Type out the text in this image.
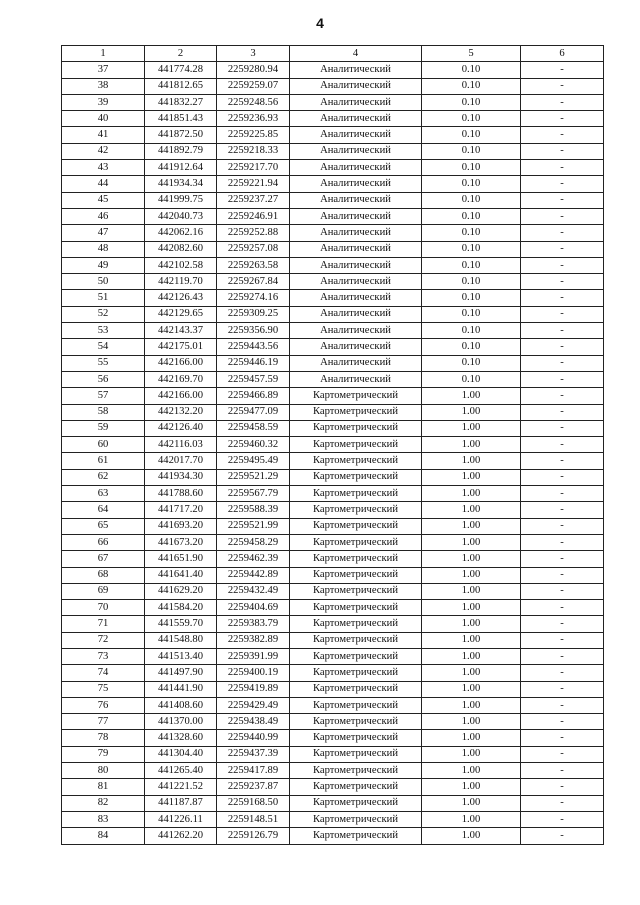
4
1	2	3	4	5	6
37	441774.28	2259280.94	Аналитический	0.10	-
38	441812.65	2259259.07	Аналитический	0.10	-
39	441832.27	2259248.56	Аналитический	0.10	-
40	441851.43	2259236.93	Аналитический	0.10	-
41	441872.50	2259225.85	Аналитический	0.10	-
42	441892.79	2259218.33	Аналитический	0.10	-
43	441912.64	2259217.70	Аналитический	0.10	-
44	441934.34	2259221.94	Аналитический	0.10	-
45	441999.75	2259237.27	Аналитический	0.10	-
46	442040.73	2259246.91	Аналитический	0.10	-
47	442062.16	2259252.88	Аналитический	0.10	-
48	442082.60	2259257.08	Аналитический	0.10	-
49	442102.58	2259263.58	Аналитический	0.10	-
50	442119.70	2259267.84	Аналитический	0.10	-
51	442126.43	2259274.16	Аналитический	0.10	-
52	442129.65	2259309.25	Аналитический	0.10	-
53	442143.37	2259356.90	Аналитический	0.10	-
54	442175.01	2259443.56	Аналитический	0.10	-
55	442166.00	2259446.19	Аналитический	0.10	-
56	442169.70	2259457.59	Аналитический	0.10	-
57	442166.00	2259466.89	Картометрический	1.00	-
58	442132.20	2259477.09	Картометрический	1.00	-
59	442126.40	2259458.59	Картометрический	1.00	-
60	442116.03	2259460.32	Картометрический	1.00	-
61	442017.70	2259495.49	Картометрический	1.00	-
62	441934.30	2259521.29	Картометрический	1.00	-
63	441788.60	2259567.79	Картометрический	1.00	-
64	441717.20	2259588.39	Картометрический	1.00	-
65	441693.20	2259521.99	Картометрический	1.00	-
66	441673.20	2259458.29	Картометрический	1.00	-
67	441651.90	2259462.39	Картометрический	1.00	-
68	441641.40	2259442.89	Картометрический	1.00	-
69	441629.20	2259432.49	Картометрический	1.00	-
70	441584.20	2259404.69	Картометрический	1.00	-
71	441559.70	2259383.79	Картометрический	1.00	-
72	441548.80	2259382.89	Картометрический	1.00	-
73	441513.40	2259391.99	Картометрический	1.00	-
74	441497.90	2259400.19	Картометрический	1.00	-
75	441441.90	2259419.89	Картометрический	1.00	-
76	441408.60	2259429.49	Картометрический	1.00	-
77	441370.00	2259438.49	Картометрический	1.00	-
78	441328.60	2259440.99	Картометрический	1.00	-
79	441304.40	2259437.39	Картометрический	1.00	-
80	441265.40	2259417.89	Картометрический	1.00	-
81	441221.52	2259237.87	Картометрический	1.00	-
82	441187.87	2259168.50	Картометрический	1.00	-
83	441226.11	2259148.51	Картометрический	1.00	-
84	441262.20	2259126.79	Картометрический	1.00	-
